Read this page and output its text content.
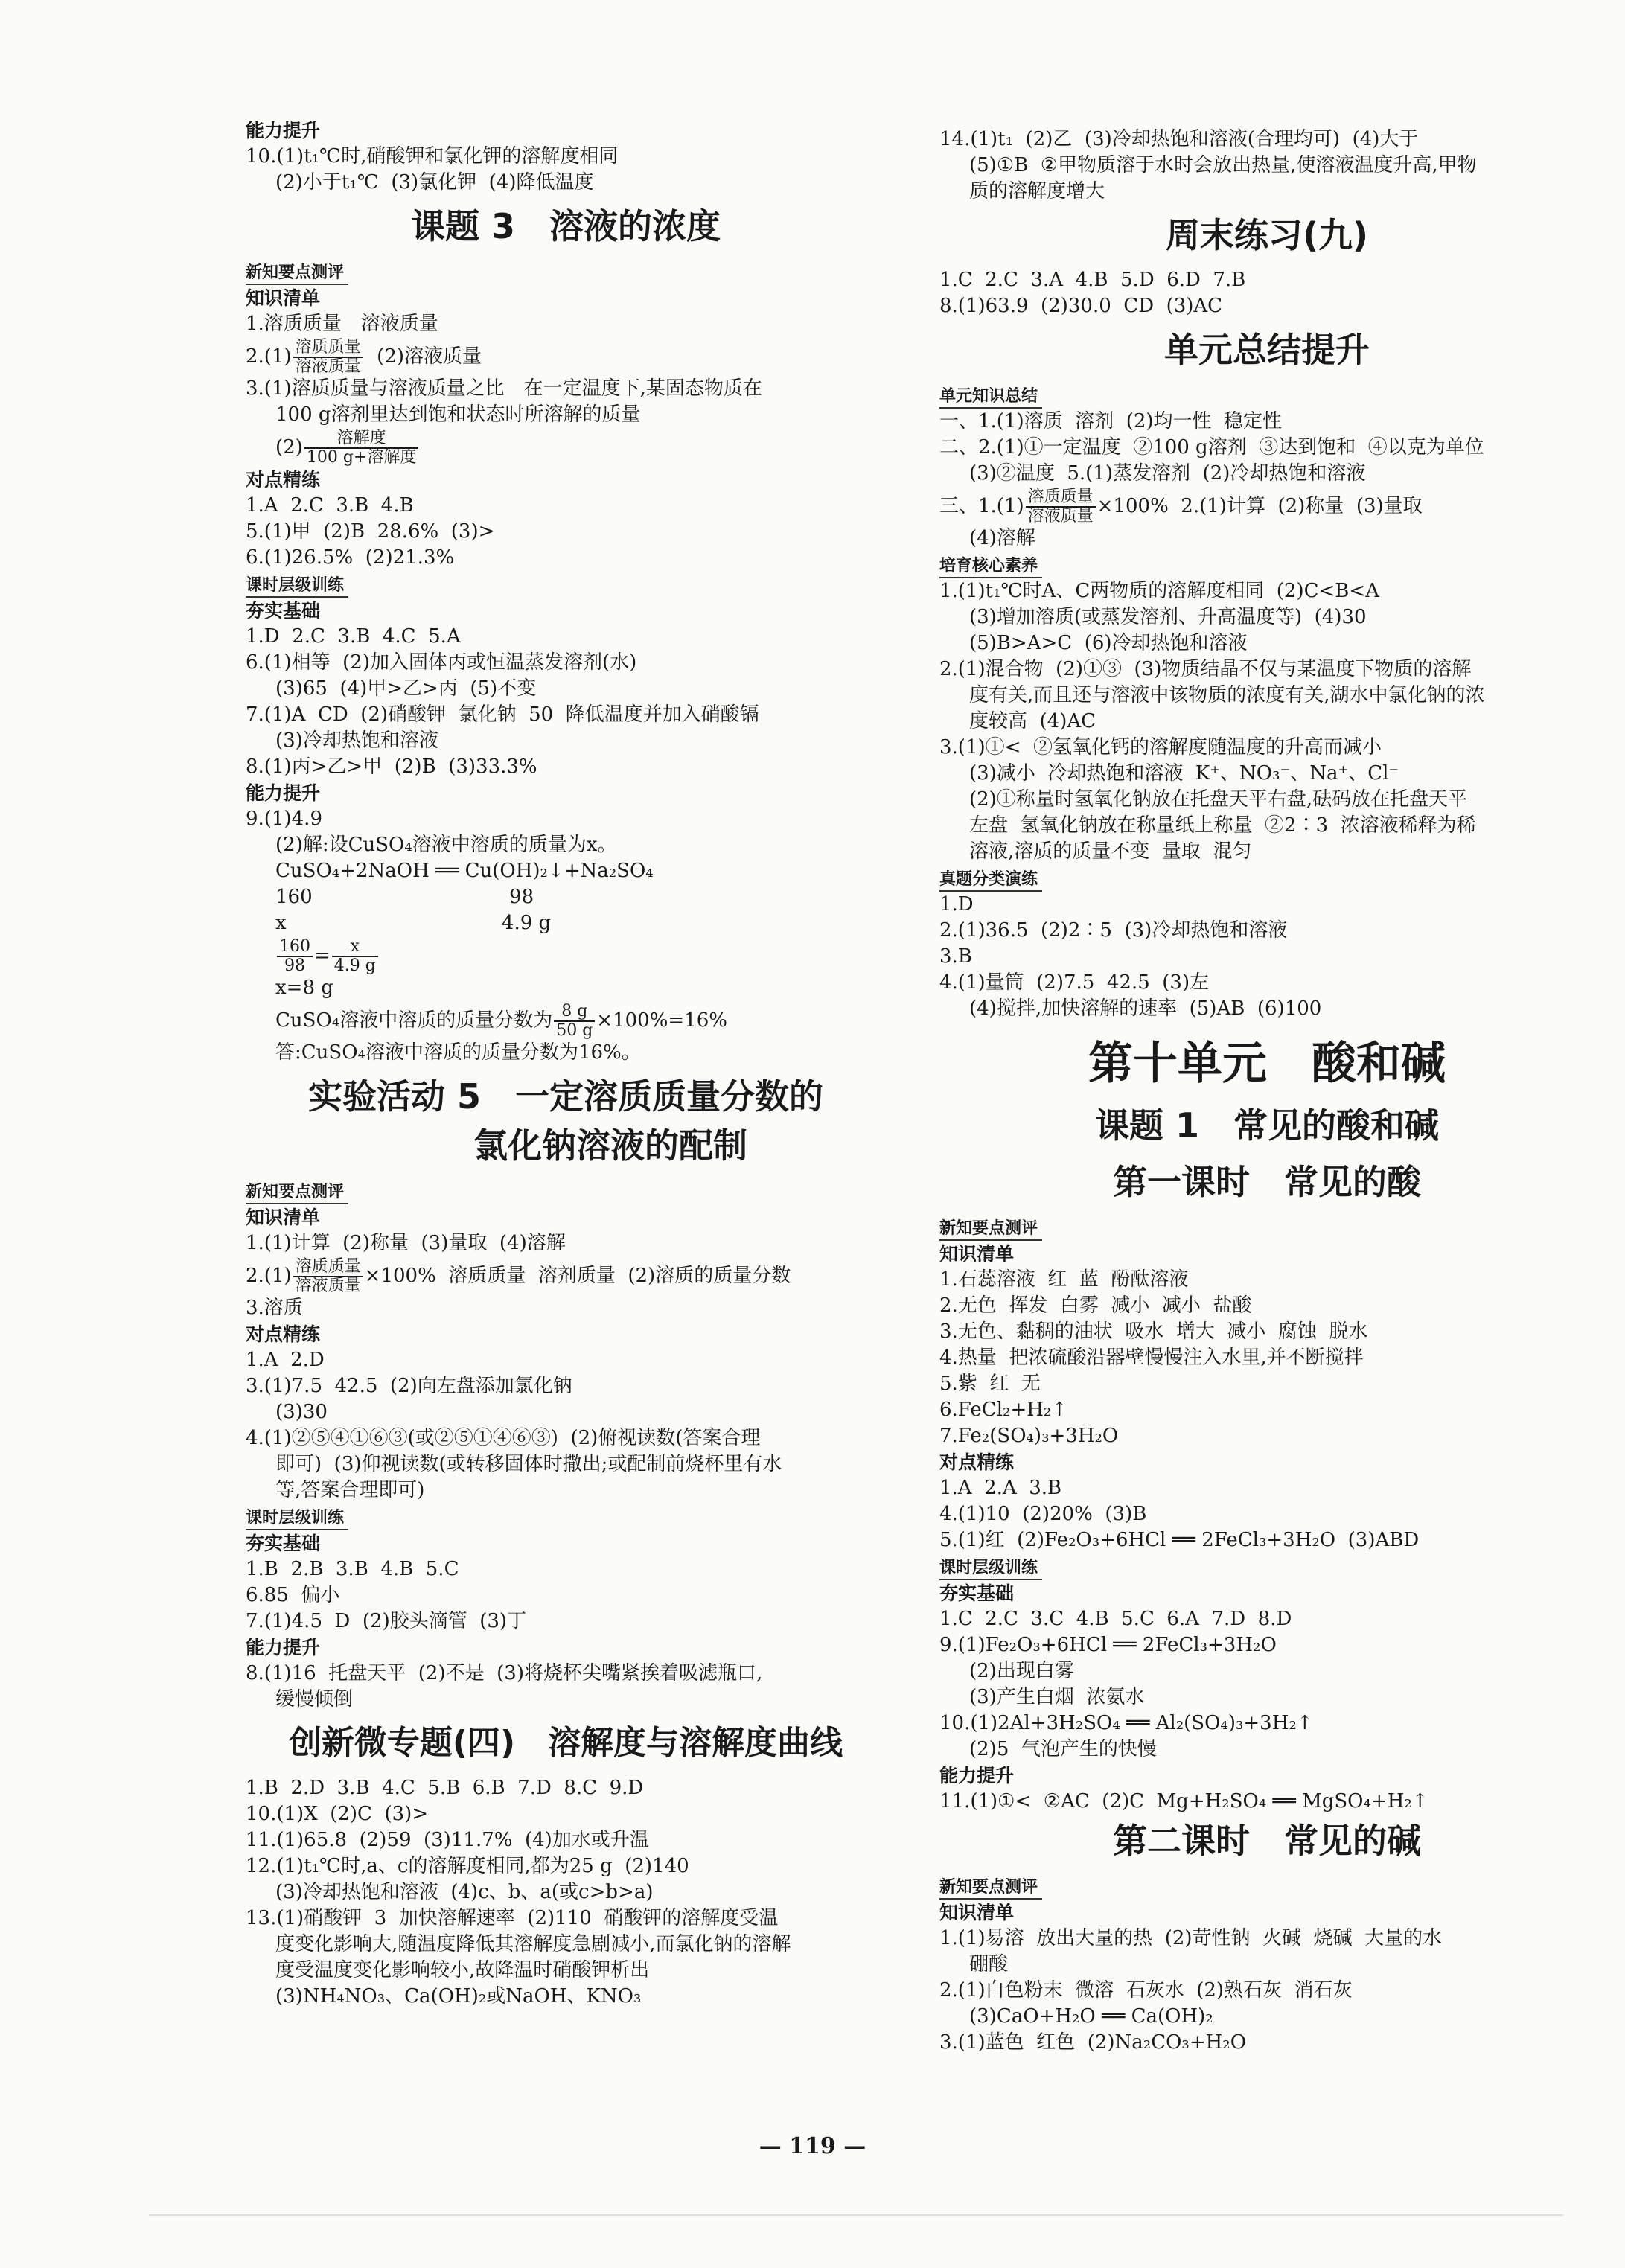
能力提升
10.(1)t₁℃时,硝酸钾和氯化钾的溶解度相同
(2)小于t₁℃  (3)氯化钾  (4)降低温度
课题 3　溶液的浓度
新知要点测评
知识清单
1.溶质质量　溶液质量
$2.(1) \frac{\text{溶质质量}}{\text{溶液质量}} (2)$溶液质量
3.(1)溶质质量与溶液质量之比　在一定温度下,某固态物质在
100 g溶剂里达到饱和状态时所溶解的质量
$(2) \frac{\text{溶解度}}{\text{100 g+溶解度}}$
对点精练
1.A  2.C  3.B  4.B
5.(1)甲  (2)B  28.6%  (3)>
6.(1)26.5%  (2)21.3%
课时层级训练
夯实基础
1.D  2.C  3.B  4.C  5.A
6.(1)相等  (2)加入固体丙或恒温蒸发溶剂(水)
(3)65  (4)甲>乙>丙  (5)不变
7.(1)A  CD  (2)硝酸钾  氯化钠  50  降低温度并加入硝酸镉
(3)冷却热饱和溶液
8.(1)丙>乙>甲  (2)B  (3)33.3%
能力提升
9.(1)4.9
(2)解:设CuSO₄溶液中溶质的质量为x。
CuSO₄+2NaOH ══ Cu(OH)₂↓+Na₂SO₄
160                                98
x                                   4.9 g
$\frac{160}{98} = \frac{x}{4.9 g}$
x=8 g
CuSO₄溶液中溶质的质量分数为 $\frac{8 g}{50 g} \times 100\%=16\%$
答:CuSO₄溶液中溶质的质量分数为16%。
实验活动 5　一定溶质质量分数的
氯化钠溶液的配制
新知要点测评
知识清单
1.(1)计算  (2)称量  (3)量取  (4)溶解
$2.(1) \frac{\text{溶质质量}}{\text{溶液质量}} \times 100\%$  溶质质量  溶剂质量  (2)溶质的质量分数
3.溶质
对点精练
1.A  2.D
3.(1)7.5  42.5  (2)向左盘添加氯化钠
(3)30
4.(1)②⑤④①⑥③(或②⑤①④⑥③)  (2)俯视读数(答案合理
即可)  (3)仰视读数(或转移固体时撒出;或配制前烧杯里有水
等,答案合理即可)
课时层级训练
夯实基础
1.B  2.B  3.B  4.B  5.C
6.85  偏小
7.(1)4.5  D  (2)胶头滴管  (3)丁
能力提升
8.(1)16  托盘天平  (2)不是  (3)将烧杯尖嘴紧挨着吸滤瓶口,
缓慢倾倒
创新微专题(四)　溶解度与溶解度曲线
1.B  2.D  3.B  4.C  5.B  6.B  7.D  8.C  9.D
10.(1)X  (2)C  (3)>
11.(1)65.8  (2)59  (3)11.7%  (4)加水或升温
12.(1)t₁℃时,a、c的溶解度相同,都为25 g  (2)140
(3)冷却热饱和溶液  (4)c、b、a(或c>b>a)
13.(1)硝酸钾  3  加快溶解速率  (2)110  硝酸钾的溶解度受温
度变化影响大,随温度降低其溶解度急剧减小,而氯化钠的溶解
度受温度变化影响较小,故降温时硝酸钾析出
(3)NH₄NO₃、Ca(OH)₂或NaOH、KNO₃
14.(1)t₁  (2)乙  (3)冷却热饱和溶液(合理均可)  (4)大于
(5)①B  ②甲物质溶于水时会放出热量,使溶液温度升高,甲物
质的溶解度增大
周末练习(九)
1.C  2.C  3.A  4.B  5.D  6.D  7.B
8.(1)63.9  (2)30.0  CD  (3)AC
单元总结提升
单元知识总结
一、1.(1)溶质  溶剂  (2)均一性  稳定性
二、2.(1)①一定温度  ②100 g溶剂  ③达到饱和  ④以克为单位
(3)②温度  5.(1)蒸发溶剂  (2)冷却热饱和溶液
三、$1.(1) \frac{\text{溶质质量}}{\text{溶液质量}} \times 100\%$  2.(1)计算  (2)称量  (3)量取
(4)溶解
培育核心素养
1.(1)t₁℃时A、C两物质的溶解度相同  (2)C<B<A
(3)增加溶质(或蒸发溶剂、升高温度等)  (4)30
(5)B>A>C  (6)冷却热饱和溶液
2.(1)混合物  (2)①③  (3)物质结晶不仅与某温度下物质的溶解
度有关,而且还与溶液中该物质的浓度有关,湖水中氯化钠的浓
度较高  (4)AC
3.(1)①<  ②氢氧化钙的溶解度随温度的升高而减小
(3)减小  冷却热饱和溶液  K⁺、NO₃⁻、Na⁺、Cl⁻
(2)①称量时氢氧化钠放在托盘天平右盘,砝码放在托盘天平
左盘  氢氧化钠放在称量纸上称量  ②2∶3  浓溶液稀释为稀
溶液,溶质的质量不变  量取  混匀
真题分类演练
1.D
2.(1)36.5  (2)2∶5  (3)冷却热饱和溶液
3.B
4.(1)量筒  (2)7.5  42.5  (3)左
(4)搅拌,加快溶解的速率  (5)AB  (6)100
第十单元　酸和碱
课题 1　常见的酸和碱
第一课时　常见的酸
新知要点测评
知识清单
1.石蕊溶液  红  蓝  酚酞溶液
2.无色  挥发  白雾  减小  减小  盐酸
3.无色、黏稠的油状  吸水  增大  减小  腐蚀  脱水
4.热量  把浓硫酸沿器壁慢慢注入水里,并不断搅拌
5.紫  红  无
6.FeCl₂+H₂↑
7.Fe₂(SO₄)₃+3H₂O
对点精练
1.A  2.A  3.B
4.(1)10  (2)20%  (3)B
5.(1)红  (2)Fe₂O₃+6HCl ══ 2FeCl₃+3H₂O  (3)ABD
课时层级训练
夯实基础
1.C  2.C  3.C  4.B  5.C  6.A  7.D  8.D
9.(1)Fe₂O₃+6HCl ══ 2FeCl₃+3H₂O
(2)出现白雾
(3)产生白烟  浓氨水
10.(1)2Al+3H₂SO₄ ══ Al₂(SO₄)₃+3H₂↑
(2)5  气泡产生的快慢
能力提升
11.(1)①<  ②AC  (2)C  Mg+H₂SO₄ ══ MgSO₄+H₂↑
第二课时　常见的碱
新知要点测评
知识清单
1.(1)易溶  放出大量的热  (2)苛性钠  火碱  烧碱  大量的水
硼酸
2.(1)白色粉末  微溶  石灰水  (2)熟石灰  消石灰
(3)CaO+H₂O ══ Ca(OH)₂
3.(1)蓝色  红色  (2)Na₂CO₃+H₂O
— 119 —
